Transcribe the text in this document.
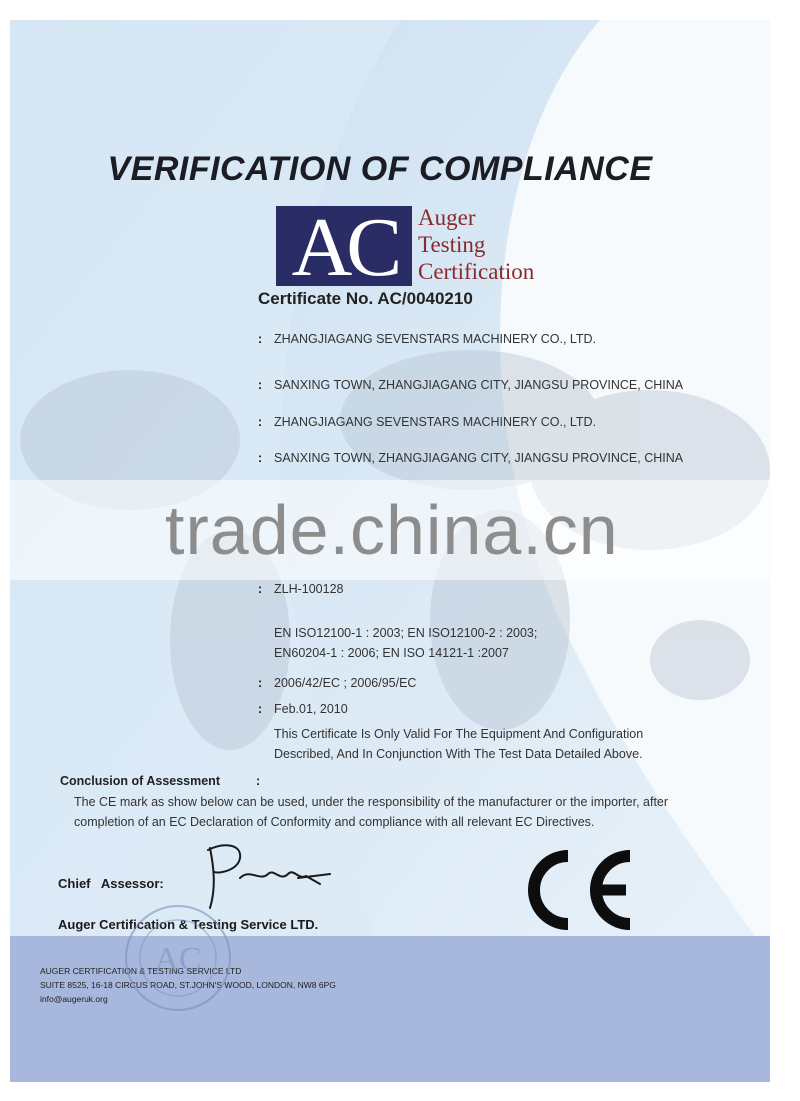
VERIFICATION OF COMPLIANCE
AC Auger
Testing
Certification
Certificate No. AC/0040210
: ZHANGJIAGANG SEVENSTARS MACHINERY CO., LTD.
: SANXING TOWN, ZHANGJIAGANG CITY, JIANGSU PROVINCE, CHINA
: ZHANGJIAGANG SEVENSTARS MACHINERY CO., LTD.
: SANXING TOWN, ZHANGJIAGANG CITY, JIANGSU PROVINCE, CHINA
trade.china.cn
: ZLH-100128
EN ISO12100-1 : 2003; EN ISO12100-2 : 2003;
EN60204-1 : 2006; EN ISO 14121-1 :2007
: 2006/42/EC ; 2006/95/EC
: Feb.01, 2010
This Certificate Is Only Valid For The Equipment And Configuration
Described, And In Conjunction With The Test Data Detailed Above.
Conclusion of Assessment	:
The CE mark as show below can be used, under the responsibility of the manufacturer or the importer, after
completion of an EC Declaration of Conformity and compliance with all relevant EC Directives.
Chief   Assessor:
Auger Certification & Testing Service LTD.
AUGER CERTIFICATION & TESTING SERVICE LTD
SUITE 8525, 16-18 CIRCUS ROAD, ST.JOHN'S WOOD, LONDON, NW8 6PG
info@augeruk.org
AC
